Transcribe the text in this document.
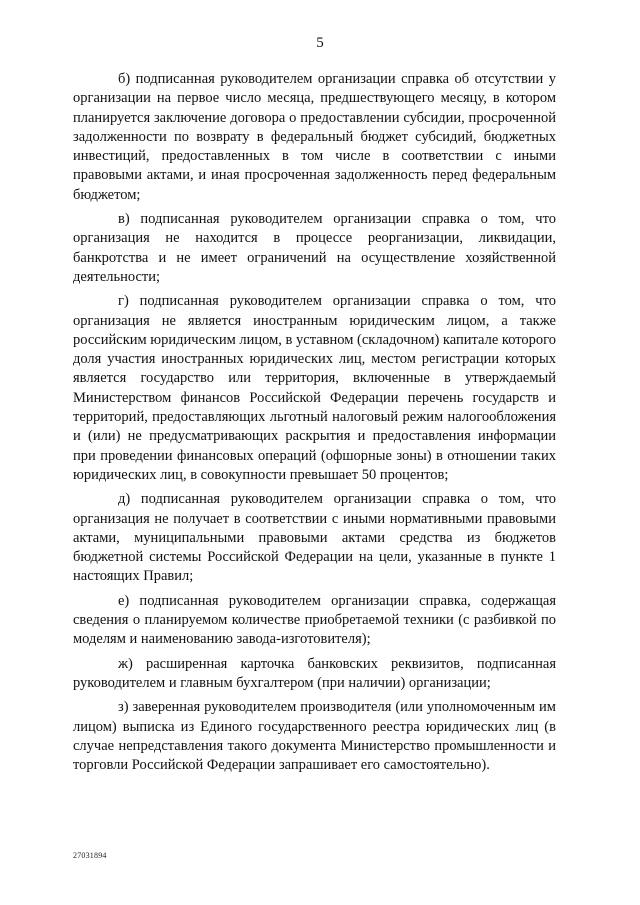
5

б) подписанная руководителем организации справка об отсутствии у организации на первое число месяца, предшествующего месяцу, в котором планируется заключение договора о предоставлении субсидии, просроченной задолженности по возврату в федеральный бюджет субсидий, бюджетных инвестиций, предоставленных в том числе в соответствии с иными правовыми актами, и иная просроченная задолженность перед федеральным бюджетом;

в) подписанная руководителем организации справка о том, что организация не находится в процессе реорганизации, ликвидации, банкротства и не имеет ограничений на осуществление хозяйственной деятельности;

г) подписанная руководителем организации справка о том, что организация не является иностранным юридическим лицом, а также российским юридическим лицом, в уставном (складочном) капитале которого доля участия иностранных юридических лиц, местом регистрации которых является государство или территория, включенные в утверждаемый Министерством финансов Российской Федерации перечень государств и территорий, предоставляющих льготный налоговый режим налогообложения и (или) не предусматривающих раскрытия и предоставления информации при проведении финансовых операций (офшорные зоны) в отношении таких юридических лиц, в совокупности превышает 50 процентов;

д) подписанная руководителем организации справка о том, что организация не получает в соответствии с иными нормативными правовыми актами, муниципальными правовыми актами средства из бюджетов бюджетной системы Российской Федерации на цели, указанные в пункте 1 настоящих Правил;

е) подписанная руководителем организации справка, содержащая сведения о планируемом количестве приобретаемой техники (с разбивкой по моделям и наименованию завода-изготовителя);

ж) расширенная карточка банковских реквизитов, подписанная руководителем и главным бухгалтером (при наличии) организации;

з) заверенная руководителем производителя (или уполномоченным им лицом) выписка из Единого государственного реестра юридических лиц (в случае непредставления такого документа Министерство промышленности и торговли Российской Федерации запрашивает его самостоятельно).

27031894
